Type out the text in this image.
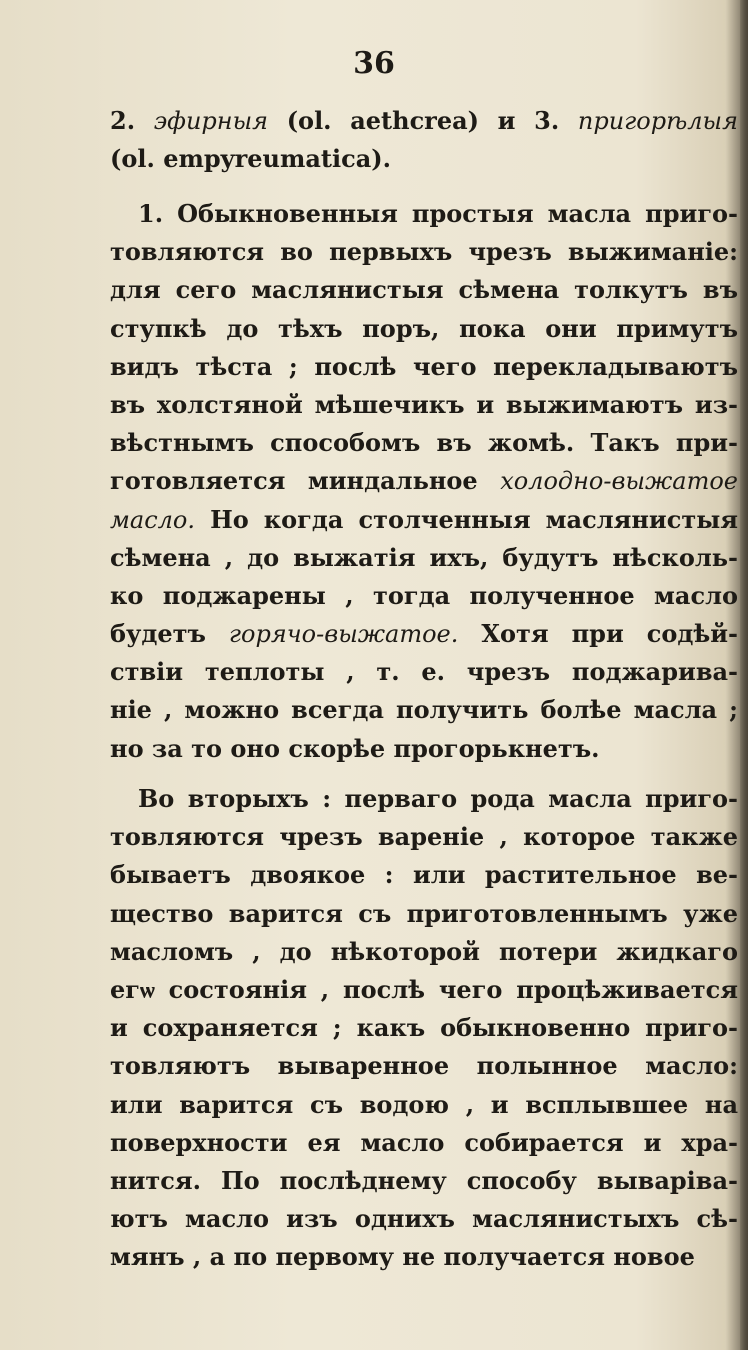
36
2. эфирныя (ol. aethcrea) и 3. пригорѣлыя
(ol. empyreumatica).
1. Обыкновенныя простыя масла приго-
товляются во первыхъ чрезъ выжиманіе:
для сего маслянистыя сѣмена толкутъ въ
ступкѣ до тѣхъ поръ, пока они примутъ
видъ тѣста ; послѣ чего перекладываютъ
въ холстяной мѣшечикъ и выжимаютъ из-
вѣстнымъ способомъ въ жомѣ. Такъ при-
готовляется миндальное холодно-выжатое
масло. Но когда столченныя маслянистыя
сѣмена , до выжатія ихъ, будутъ нѣсколь-
ко поджарены , тогда полученное масло
будетъ горячо-выжатое. Хотя при содѣй-
ствіи теплоты , т. е. чрезъ поджарива-
ніе , можно всегда получить болѣе масла ;
но за то оно скорѣе прогорькнетъ.
Во вторыхъ : перваго рода масла приго-
товляются чрезъ вареніе , которое также
бываетъ двоякое : или растительное ве-
щество варится съ приготовленнымъ уже
масломъ , до нѣкоторой потери жидкаго
егѡ состоянія , послѣ чего процѣживается
и сохраняется ; какъ обыкновенно приго-
товляютъ вываренное полынное масло:
или варится съ водою , и всплывшее на
поверхности ея масло собирается и хра-
нится. По послѣднему способу вываріва-
ютъ масло изъ однихъ маслянистыхъ сѣ-
мянъ , а по первому не получается новое
